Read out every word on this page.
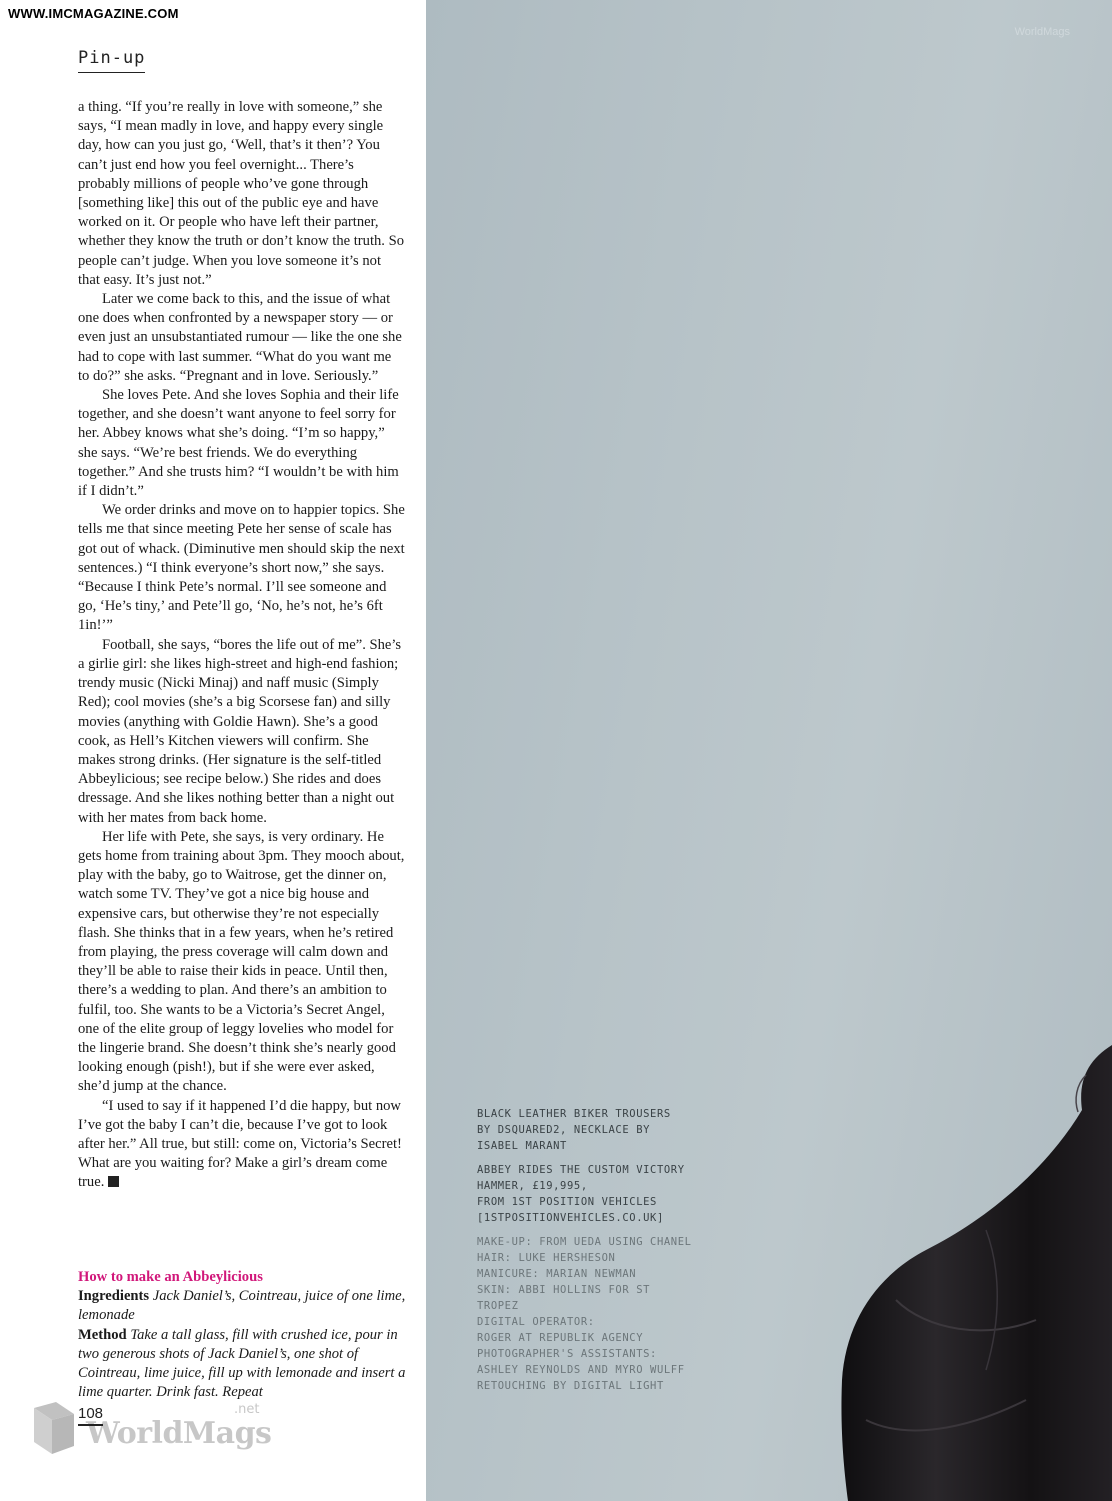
WWW.IMCMAGAZINE.COM
Pin-up

a thing. “If you’re really in love with someone,” she says, “I mean madly in love, and happy every single day, how can you just go, ‘Well, that’s it then’? You can’t just end how you feel overnight... There’s probably millions of people who’ve gone through [something like] this out of the public eye and have worked on it. Or people who have left their partner, whether they know the truth or don’t know the truth. So people can’t judge. When you love someone it’s not that easy. It’s just not.”

Later we come back to this, and the issue of what one does when confronted by a newspaper story — or even just an unsubstantiated rumour — like the one she had to cope with last summer. “What do you want me to do?” she asks. “Pregnant and in love. Seriously.”

She loves Pete. And she loves Sophia and their life together, and she doesn’t want anyone to feel sorry for her. Abbey knows what she’s doing. “I’m so happy,” she says. “We’re best friends. We do everything together.” And she trusts him? “I wouldn’t be with him if I didn’t.”

We order drinks and move on to happier topics. She tells me that since meeting Pete her sense of scale has got out of whack. (Diminutive men should skip the next sentences.) “I think everyone’s short now,” she says. “Because I think Pete’s normal. I’ll see someone and go, ‘He’s tiny,’ and Pete’ll go, ‘No, he’s not, he’s 6ft 1in!’”

Football, she says, “bores the life out of me”. She’s a girlie girl: she likes high-street and high-end fashion; trendy music (Nicki Minaj) and naff music (Simply Red); cool movies (she’s a big Scorsese fan) and silly movies (anything with Goldie Hawn). She’s a good cook, as Hell’s Kitchen viewers will confirm. She makes strong drinks. (Her signature is the self-titled Abbeylicious; see recipe below.) She rides and does dressage. And she likes nothing better than a night out with her mates from back home.

Her life with Pete, she says, is very ordinary. He gets home from training about 3pm. They mooch about, play with the baby, go to Waitrose, get the dinner on, watch some TV. They’ve got a nice big house and expensive cars, but otherwise they’re not especially flash. She thinks that in a few years, when he’s retired from playing, the press coverage will calm down and they’ll be able to raise their kids in peace. Until then, there’s a wedding to plan. And there’s an ambition to fulfil, too. She wants to be a Victoria’s Secret Angel, one of the elite group of leggy lovelies who model for the lingerie brand. She doesn’t think she’s nearly good looking enough (pish!), but if she were ever asked, she’d jump at the chance.

“I used to say if it happened I’d die happy, but now I’ve got the baby I can’t die, because I’ve got to look after her.” All true, but still: come on, Victoria’s Secret! What are you waiting for? Make a girl’s dream come true.

How to make an Abbeylicious

Ingredients Jack Daniel’s, Cointreau, juice of one lime, lemonade

Method Take a tall glass, fill with crushed ice, pour in two generous shots of Jack Daniel’s, one shot of Cointreau, lime juice, fill up with lemonade and insert a lime quarter. Drink fast. Repeat

WorldMags
.net
108
WorldMags

BLACK LEATHER BIKER TROUSERS
BY DSQUARED2, NECKLACE BY
ISABEL MARANT

ABBEY RIDES THE CUSTOM VICTORY
HAMMER, £19,995,
FROM 1ST POSITION VEHICLES
[1STPOSITIONVEHICLES.CO.UK]

MAKE-UP: FROM UEDA USING CHANEL
HAIR: LUKE HERSHESON
MANICURE: MARIAN NEWMAN
SKIN: ABBI HOLLINS FOR ST TROPEZ
DIGITAL OPERATOR:
ROGER AT REPUBLIK AGENCY
PHOTOGRAPHER'S ASSISTANTS:
ASHLEY REYNOLDS AND MYRO WULFF
RETOUCHING BY DIGITAL LIGHT
